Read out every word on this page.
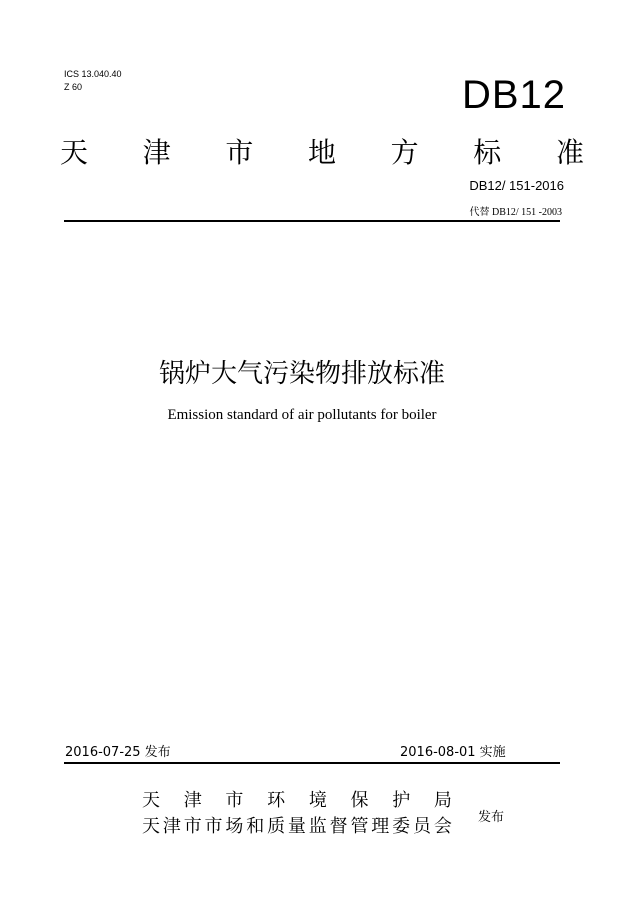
ICS 13.040.40
Z 60	DB12
天 津 市 地 方 标 准
DB12/ 151-2016
代替 DB12/ 151 -2003
锅炉大气污染物排放标准
Emission standard of air pollutants for boiler
2016-07-25 发布	2016-08-01 实施
天 津 市 环 境 保 护 局
天 津 市 市 场 和 质 量 监 督 管 理 委 员 会 发布
